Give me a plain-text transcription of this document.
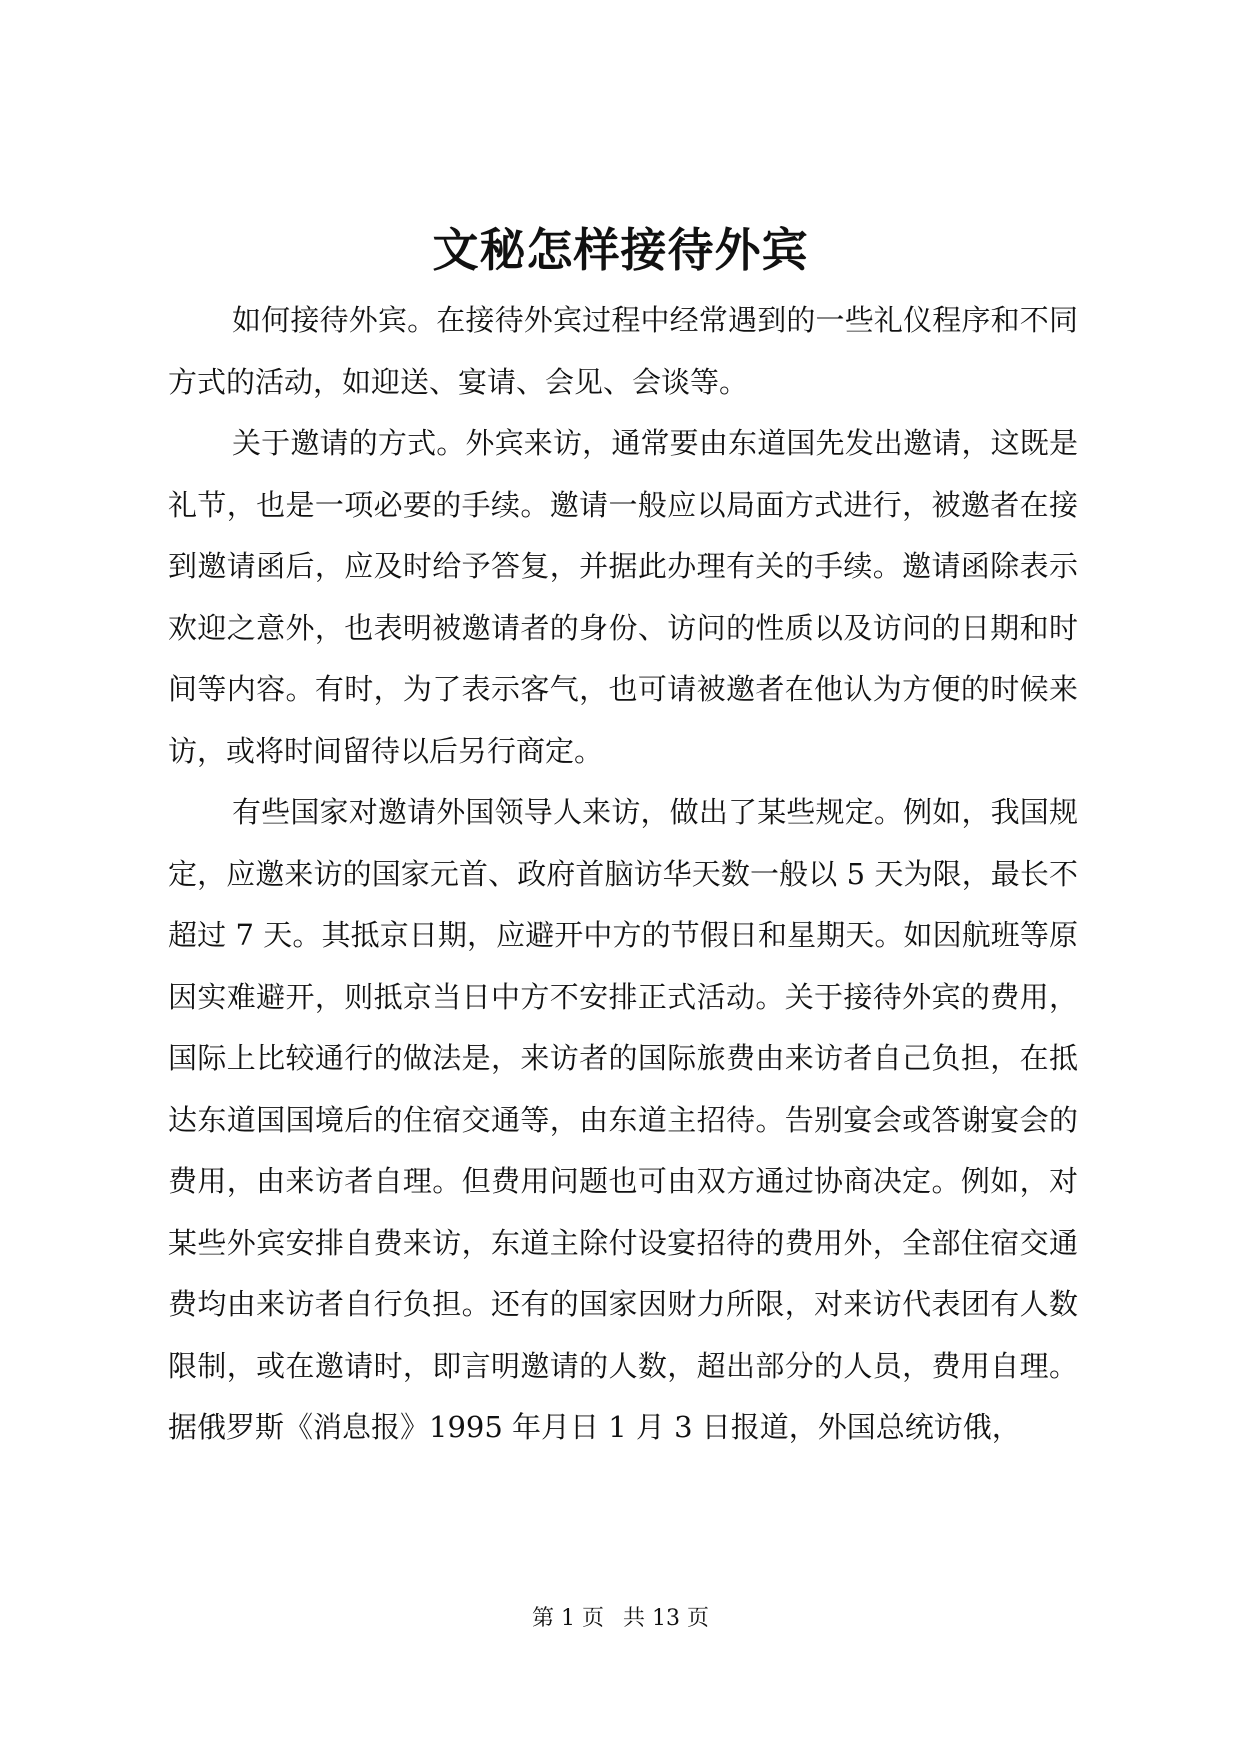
文秘怎样接待外宾

如何接待外宾。在接待外宾过程中经常遇到的一些礼仪程序和不同方式的活动，如迎送、宴请、会见、会谈等。

关于邀请的方式。外宾来访，通常要由东道国先发出邀请，这既是礼节，也是一项必要的手续。邀请一般应以局面方式进行，被邀者在接到邀请函后，应及时给予答复，并据此办理有关的手续。邀请函除表示欢迎之意外，也表明被邀请者的身份、访问的性质以及访问的日期和时间等内容。有时，为了表示客气，也可请被邀者在他认为方便的时候来访，或将时间留待以后另行商定。

有些国家对邀请外国领导人来访，做出了某些规定。例如，我国规定，应邀来访的国家元首、政府首脑访华天数一般以 5 天为限，最长不超过 7 天。其抵京日期，应避开中方的节假日和星期天。如因航班等原因实难避开，则抵京当日中方不安排正式活动。关于接待外宾的费用，国际上比较通行的做法是，来访者的国际旅费由来访者自己负担，在抵达东道国国境后的住宿交通等，由东道主招待。告别宴会或答谢宴会的费用，由来访者自理。但费用问题也可由双方通过协商决定。例如，对某些外宾安排自费来访，东道主除付设宴招待的费用外，全部住宿交通费均由来访者自行负担。还有的国家因财力所限，对来访代表团有人数限制，或在邀请时，即言明邀请的人数，超出部分的人员，费用自理。据俄罗斯《消息报》1995 年月日 1 月 3 日报道，外国总统访俄，

第 1 页 共 13 页
